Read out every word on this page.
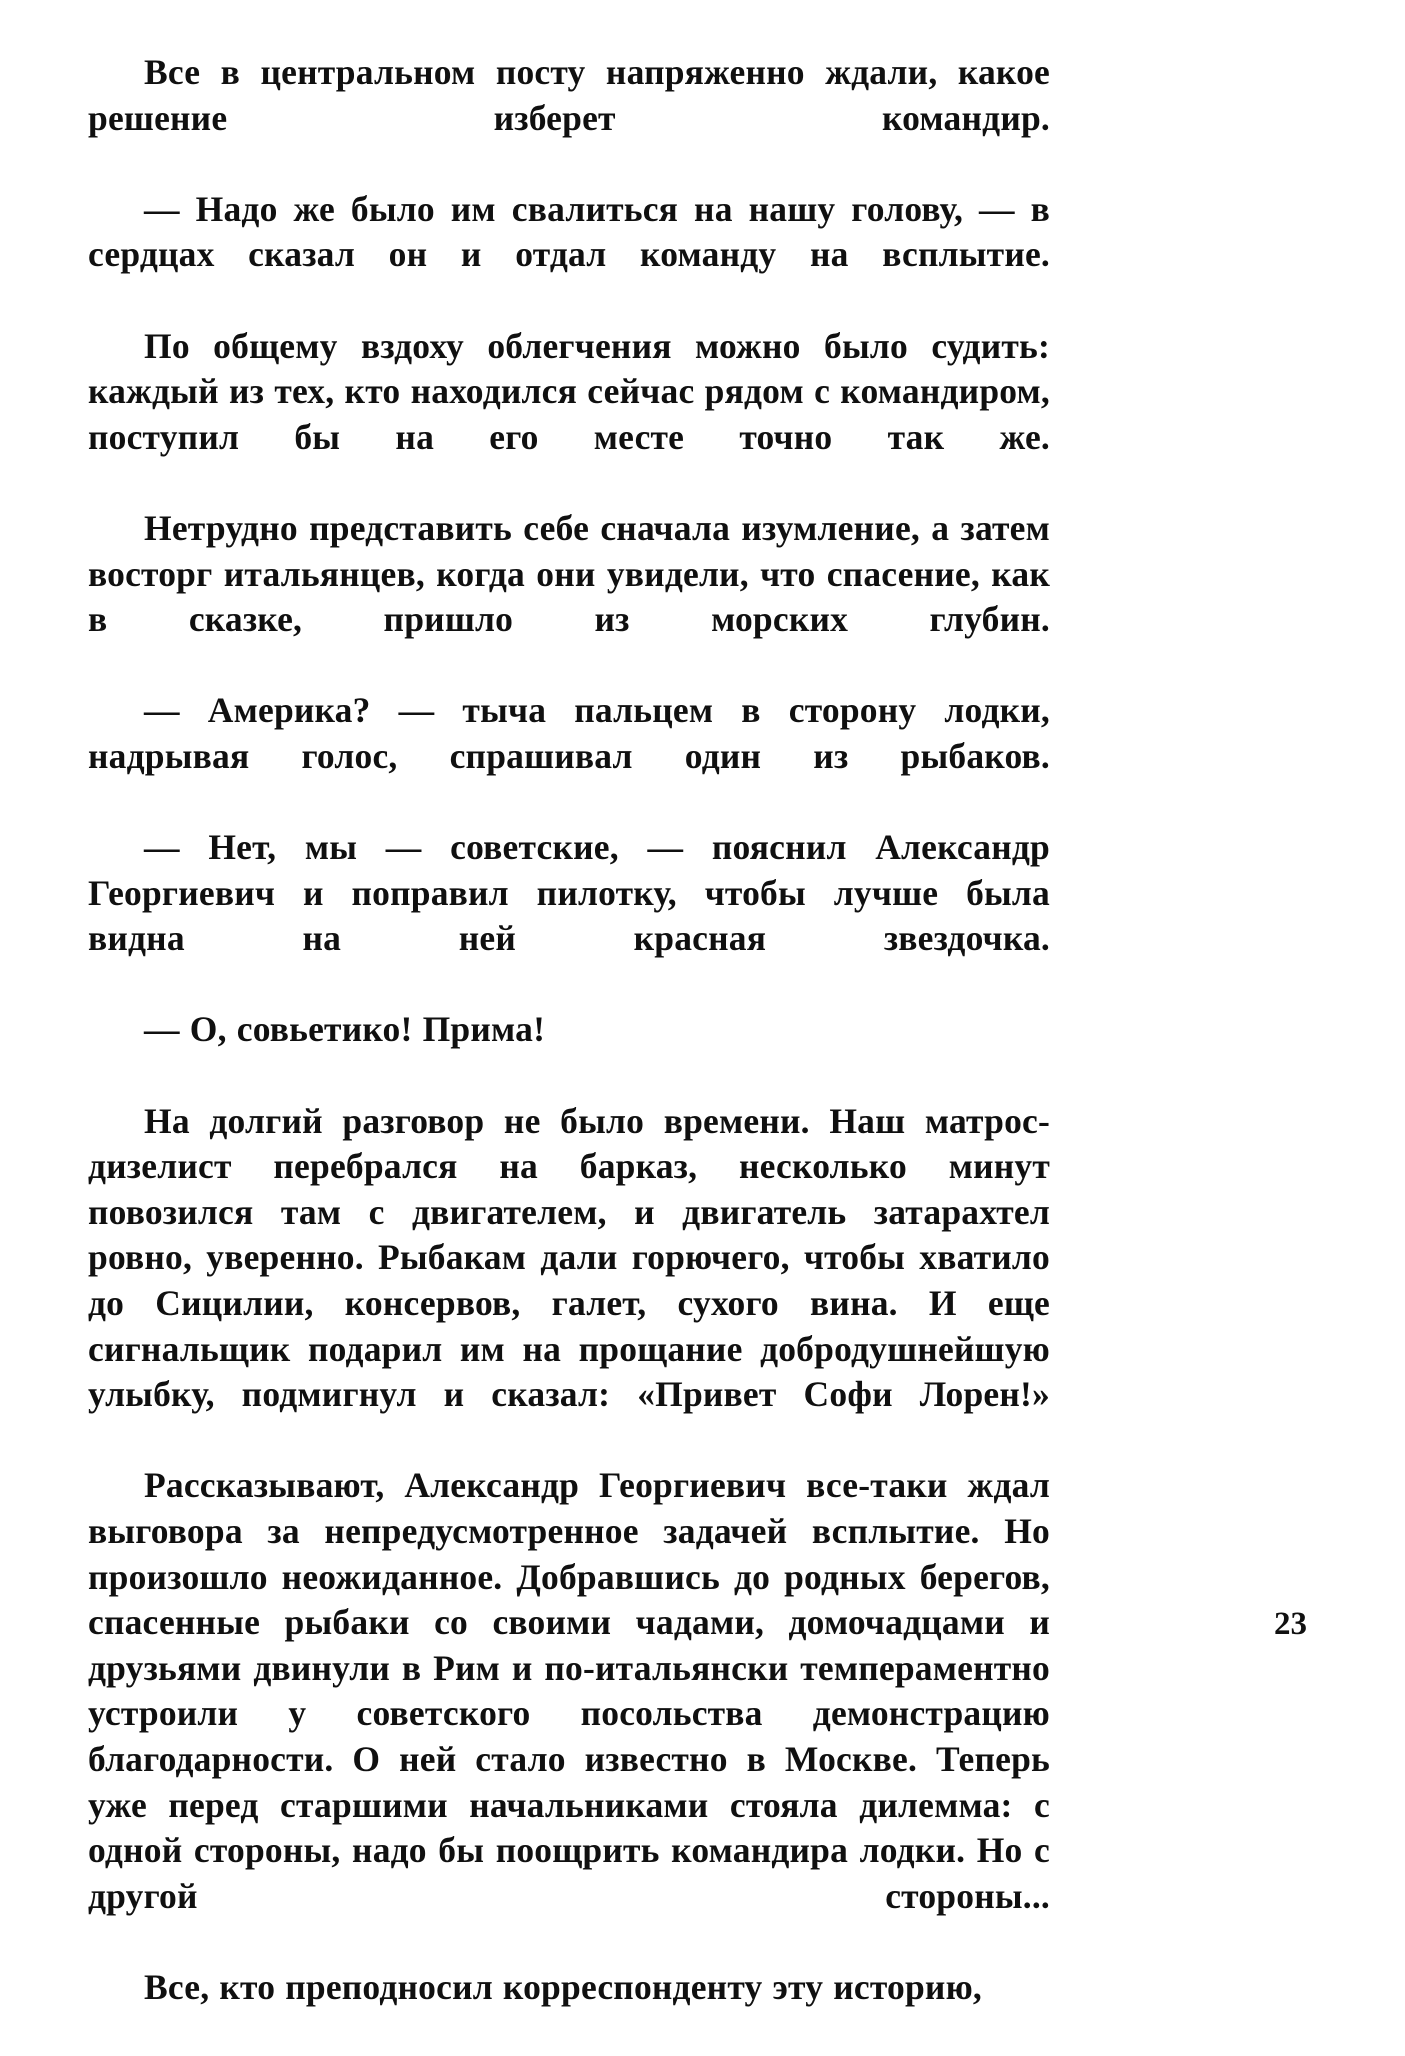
Все в центральном посту напряженно ждали, какое решение изберет командир.

— Надо же было им свалиться на нашу голову, — в сердцах сказал он и отдал команду на всплытие.

По общему вздоху облегчения можно было судить: каждый из тех, кто находился сейчас рядом с командиром, поступил бы на его месте точно так же.

Нетрудно представить себе сначала изумление, а затем восторг итальянцев, когда они увидели, что спасение, как в сказке, пришло из морских глубин.

— Америка? — тыча пальцем в сторону лодки, надрывая голос, спрашивал один из рыбаков.

— Нет, мы — советские, — пояснил Александр Георгиевич и поправил пилотку, чтобы лучше была видна на ней красная звездочка.

— О, совьетико! Прима!

На долгий разговор не было времени. Наш матрос-дизелист перебрался на барказ, несколько минут повозился там с двигателем, и двигатель затарахтел ровно, уверенно. Рыбакам дали горючего, чтобы хватило до Сицилии, консервов, галет, сухого вина. И еще сигнальщик подарил им на прощание добродушнейшую улыбку, подмигнул и сказал: «Привет Софи Лорен!»

Рассказывают, Александр Георгиевич все-таки ждал выговора за непредусмотренное задачей всплытие. Но произошло неожиданное. Добравшись до родных берегов, спасенные рыбаки со своими чадами, домочадцами и друзьями двинули в Рим и по-итальянски темпераментно устроили у советского посольства демонстрацию благодарности. О ней стало известно в Москве. Теперь уже перед старшими начальниками стояла дилемма: с одной стороны, надо бы поощрить командира лодки. Но с другой стороны...

Все, кто преподносил корреспонденту эту историю,

23
